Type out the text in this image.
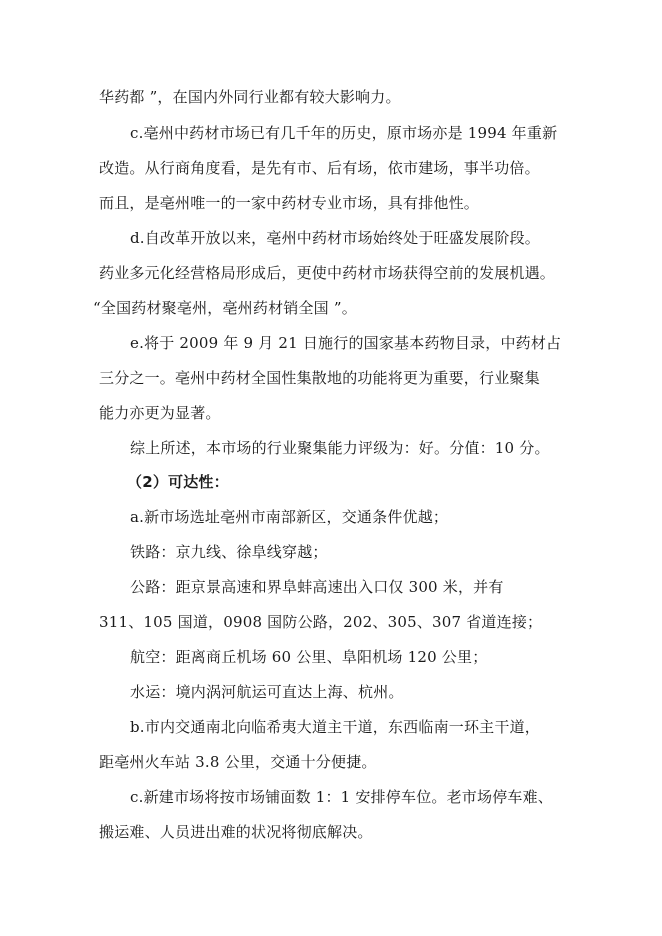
华药都 ”，在国内外同行业都有较大影响力。
c.亳州中药材市场已有几千年的历史，原市场亦是 1994 年重新
改造。从行商角度看，是先有市、后有场，依市建场，事半功倍。
而且，是亳州唯一的一家中药材专业市场，具有排他性。
d.自改革开放以来，亳州中药材市场始终处于旺盛发展阶段。
药业多元化经营格局形成后，更使中药材市场获得空前的发展机遇。
“全国药材聚亳州，亳州药材销全国 ”。
e.将于 2009 年 9 月 21 日施行的国家基本药物目录，中药材占
三分之一。亳州中药材全国性集散地的功能将更为重要，行业聚集
能力亦更为显著。
综上所述，本市场的行业聚集能力评级为：好。分值：10 分。
（2）可达性：
a.新市场选址亳州市南部新区，交通条件优越；
铁路：京九线、徐阜线穿越；
公路：距京景高速和界阜蚌高速出入口仅 300 米，并有
311、105 国道，0908 国防公路，202、305、307 省道连接；
航空：距离商丘机场 60 公里、阜阳机场 120 公里；
水运：境内涡河航运可直达上海、杭州。
b.市内交通南北向临希夷大道主干道，东西临南一环主干道，
距亳州火车站 3.8 公里，交通十分便捷。
c.新建市场将按市场铺面数 1：1 安排停车位。老市场停车难、
搬运难、人员进出难的状况将彻底解决。
